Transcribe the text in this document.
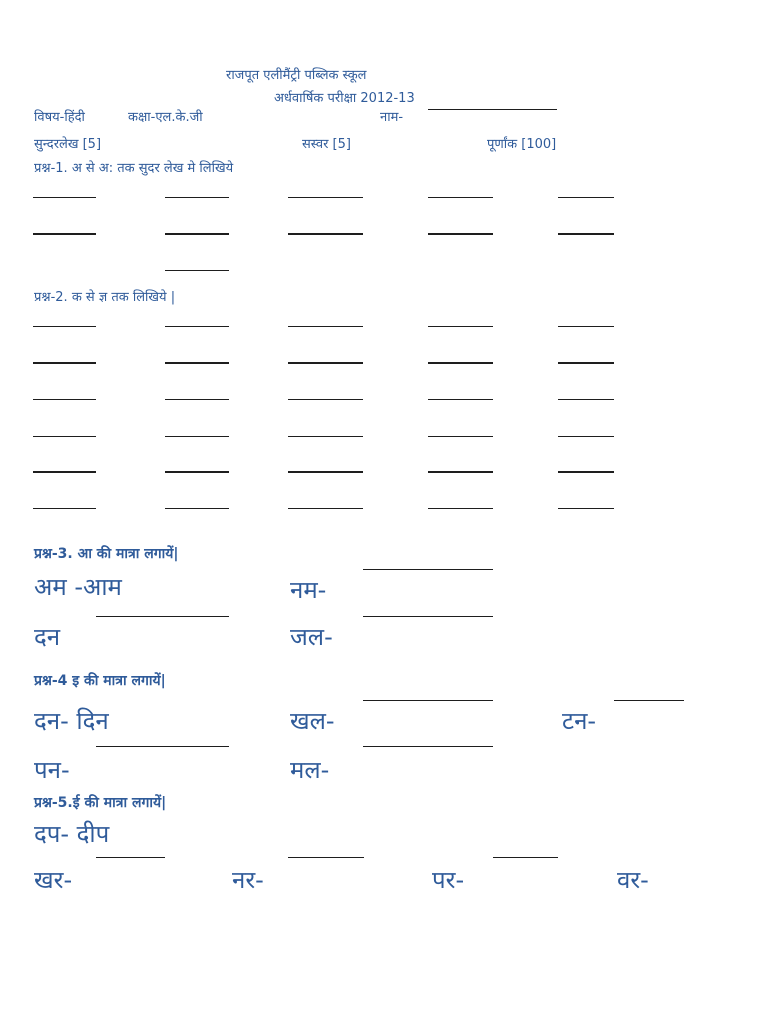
राजपूत एलीमैंट्री पब्लिक स्कूल
अर्धवार्षिक परीक्षा 2012-13
विषय-हिंदी	कक्षा-एल.के.जी	नाम-
सुन्दरलेख [5]	सस्वर [5]	पूर्णांक [100]
प्रश्न-1. अ से अ: तक सुदर लेख मे लिखिये
प्रश्न-2. क से ज्ञ तक लिखिये |
प्रश्न-3. आ की मात्रा लगायें|
अम -आम	नम-
दन	जल-
प्रश्न-4 इ की मात्रा लगायें|
दन- दिन	खल-	टन-
पन-	मल-
प्रश्न-5.ई की मात्रा लगायें|
दप- दीप
खर-	नर-	पर-	वर-
